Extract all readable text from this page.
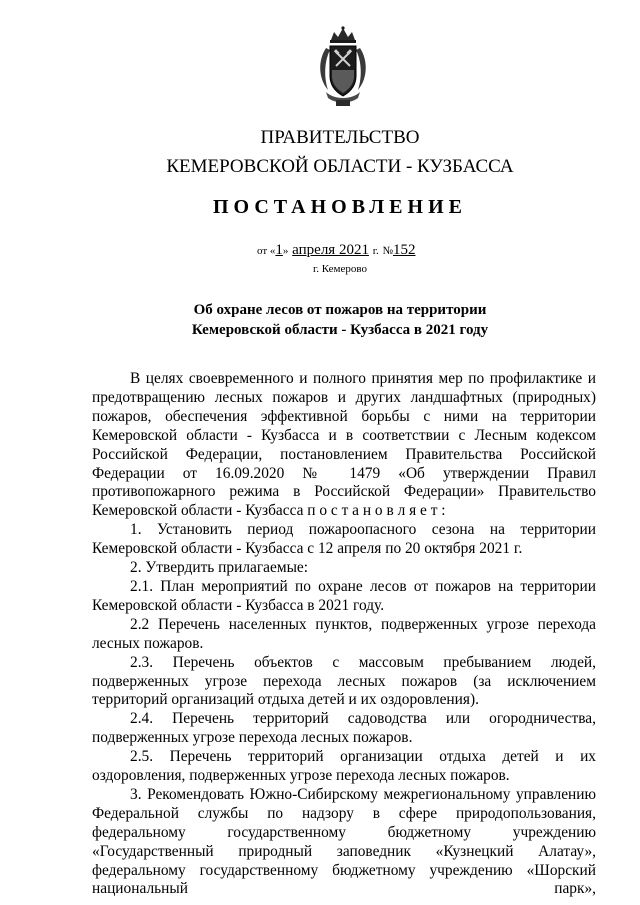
ПРАВИТЕЛЬСТВО
КЕМЕРОВСКОЙ ОБЛАСТИ - КУЗБАССА
ПОСТАНОВЛЕНИЕ
от «1» апреля 2021 г. №152
г. Кемерово
Об охране лесов от пожаров на территории
Кемеровской области - Кузбасса в 2021 году

В целях своевременного и полного принятия мер по профилактике и предотвращению лесных пожаров и других ландшафтных (природных) пожаров, обеспечения эффективной борьбы с ними на территории Кемеровской области - Кузбасса и в соответствии с Лесным кодексом Российской Федерации, постановлением Правительства Российской Федерации от 16.09.2020 № 1479 «Об утверждении Правил противопожарного режима в Российской Федерации» Правительство Кемеровской области - Кузбасса п о с т а н о в л я е т :

1. Установить период пожароопасного сезона на территории Кемеровской области - Кузбасса с 12 апреля по 20 октября 2021 г.

2. Утвердить прилагаемые:

2.1. План мероприятий по охране лесов от пожаров на территории Кемеровской области - Кузбасса в 2021 году.

2.2 Перечень населенных пунктов, подверженных угрозе перехода лесных пожаров.

2.3. Перечень объектов с массовым пребыванием людей, подверженных угрозе перехода лесных пожаров (за исключением территорий организаций отдыха детей и их оздоровления).

2.4. Перечень территорий садоводства или огородничества, подверженных угрозе перехода лесных пожаров.

2.5. Перечень территорий организации отдыха детей и их оздоровления, подверженных угрозе перехода лесных пожаров.

3. Рекомендовать Южно-Сибирскому межрегиональному управлению Федеральной службы по надзору в сфере природопользования, федеральному государственному бюджетному учреждению «Государственный природный заповедник «Кузнецкий Алатау», федеральному государственному бюджетному учреждению «Шорский национальный парк»,
